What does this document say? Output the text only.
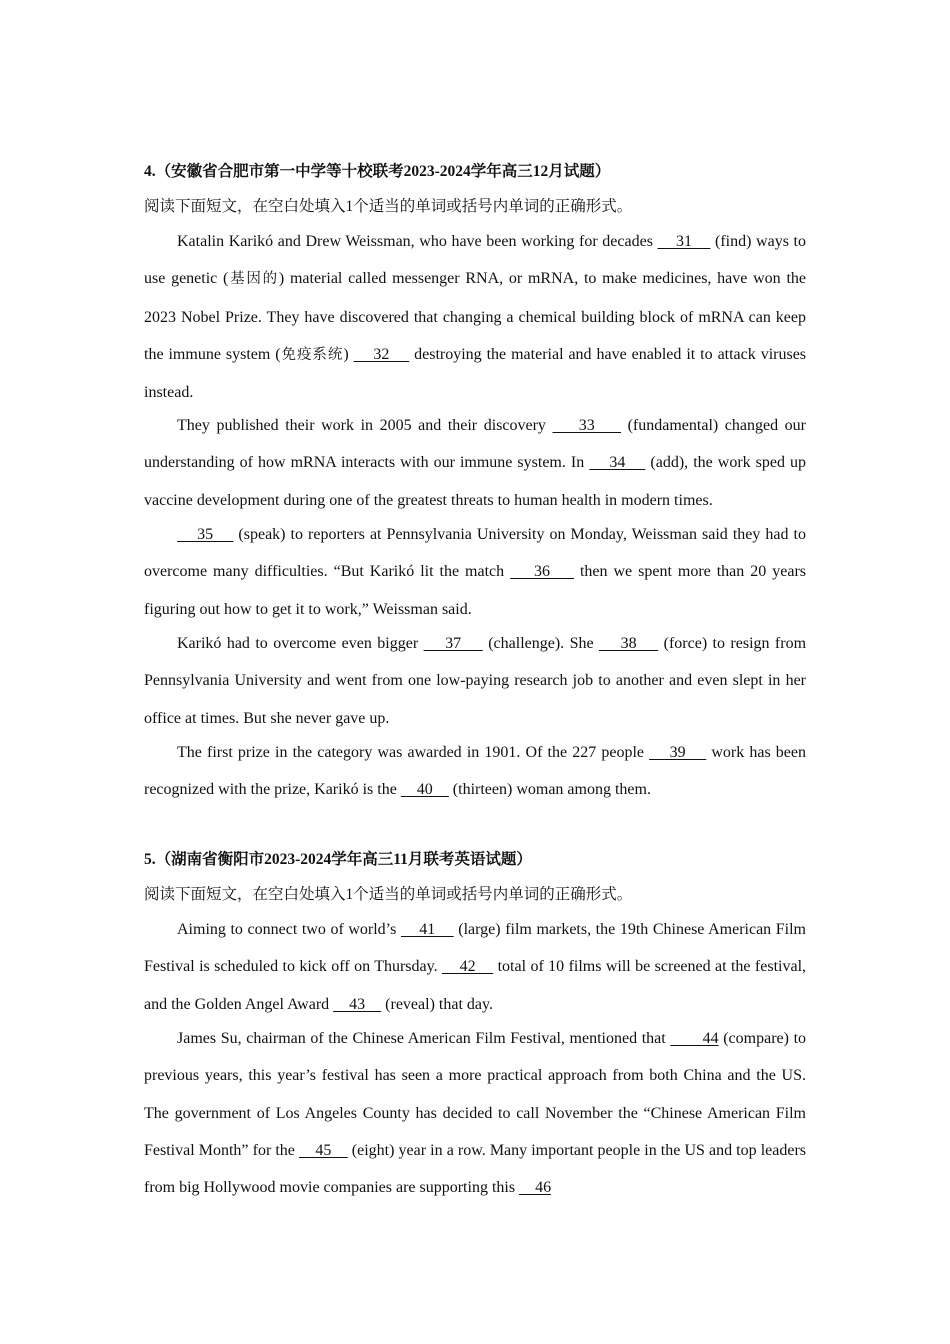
4.（安徽省合肥市第一中学等十校联考2023-2024学年高三12月试题）
阅读下面短文，在空白处填入1个适当的单词或括号内单词的正确形式。

Katalin Karikó and Drew Weissman, who have been working for decades     31     (find) ways to use genetic (基因的) material called messenger RNA, or mRNA, to make medicines, have won the 2023 Nobel Prize. They have discovered that changing a chemical building block of mRNA can keep the immune system (免疫系统)     32     destroying the material and have enabled it to attack viruses instead.

They published their work in 2005 and their discovery     33     (fundamental) changed our understanding of how mRNA interacts with our immune system. In     34     (add), the work sped up vaccine development during one of the greatest threats to human health in modern times.

35     (speak) to reporters at Pennsylvania University on Monday, Weissman said they had to overcome many difficulties. “But Karikó lit the match     36     then we spent more than 20 years figuring out how to get it to work,” Weissman said.

Karikó had to overcome even bigger     37     (challenge). She     38     (force) to resign from Pennsylvania University and went from one low-paying research job to another and even slept in her office at times. But she never gave up.

The first prize in the category was awarded in 1901. Of the 227 people     39     work has been recognized with the prize, Karikó is the     40     (thirteen) woman among them.

5.（湖南省衡阳市2023-2024学年高三11月联考英语试题）
阅读下面短文，在空白处填入1个适当的单词或括号内单词的正确形式。

Aiming to connect two of world’s     41     (large) film markets, the 19th Chinese American Film Festival is scheduled to kick off on Thursday.     42     total of 10 films will be screened at the festival, and the Golden Angel Award     43     (reveal) that day.

James Su, chairman of the Chinese American Film Festival, mentioned that        44 (compare) to previous years, this year’s festival has seen a more practical approach from both China and the US. The government of Los Angeles County has decided to call November the “Chinese American Film Festival Month” for the     45     (eight) year in a row. Many important people in the US and top leaders from big Hollywood movie companies are supporting this     46
